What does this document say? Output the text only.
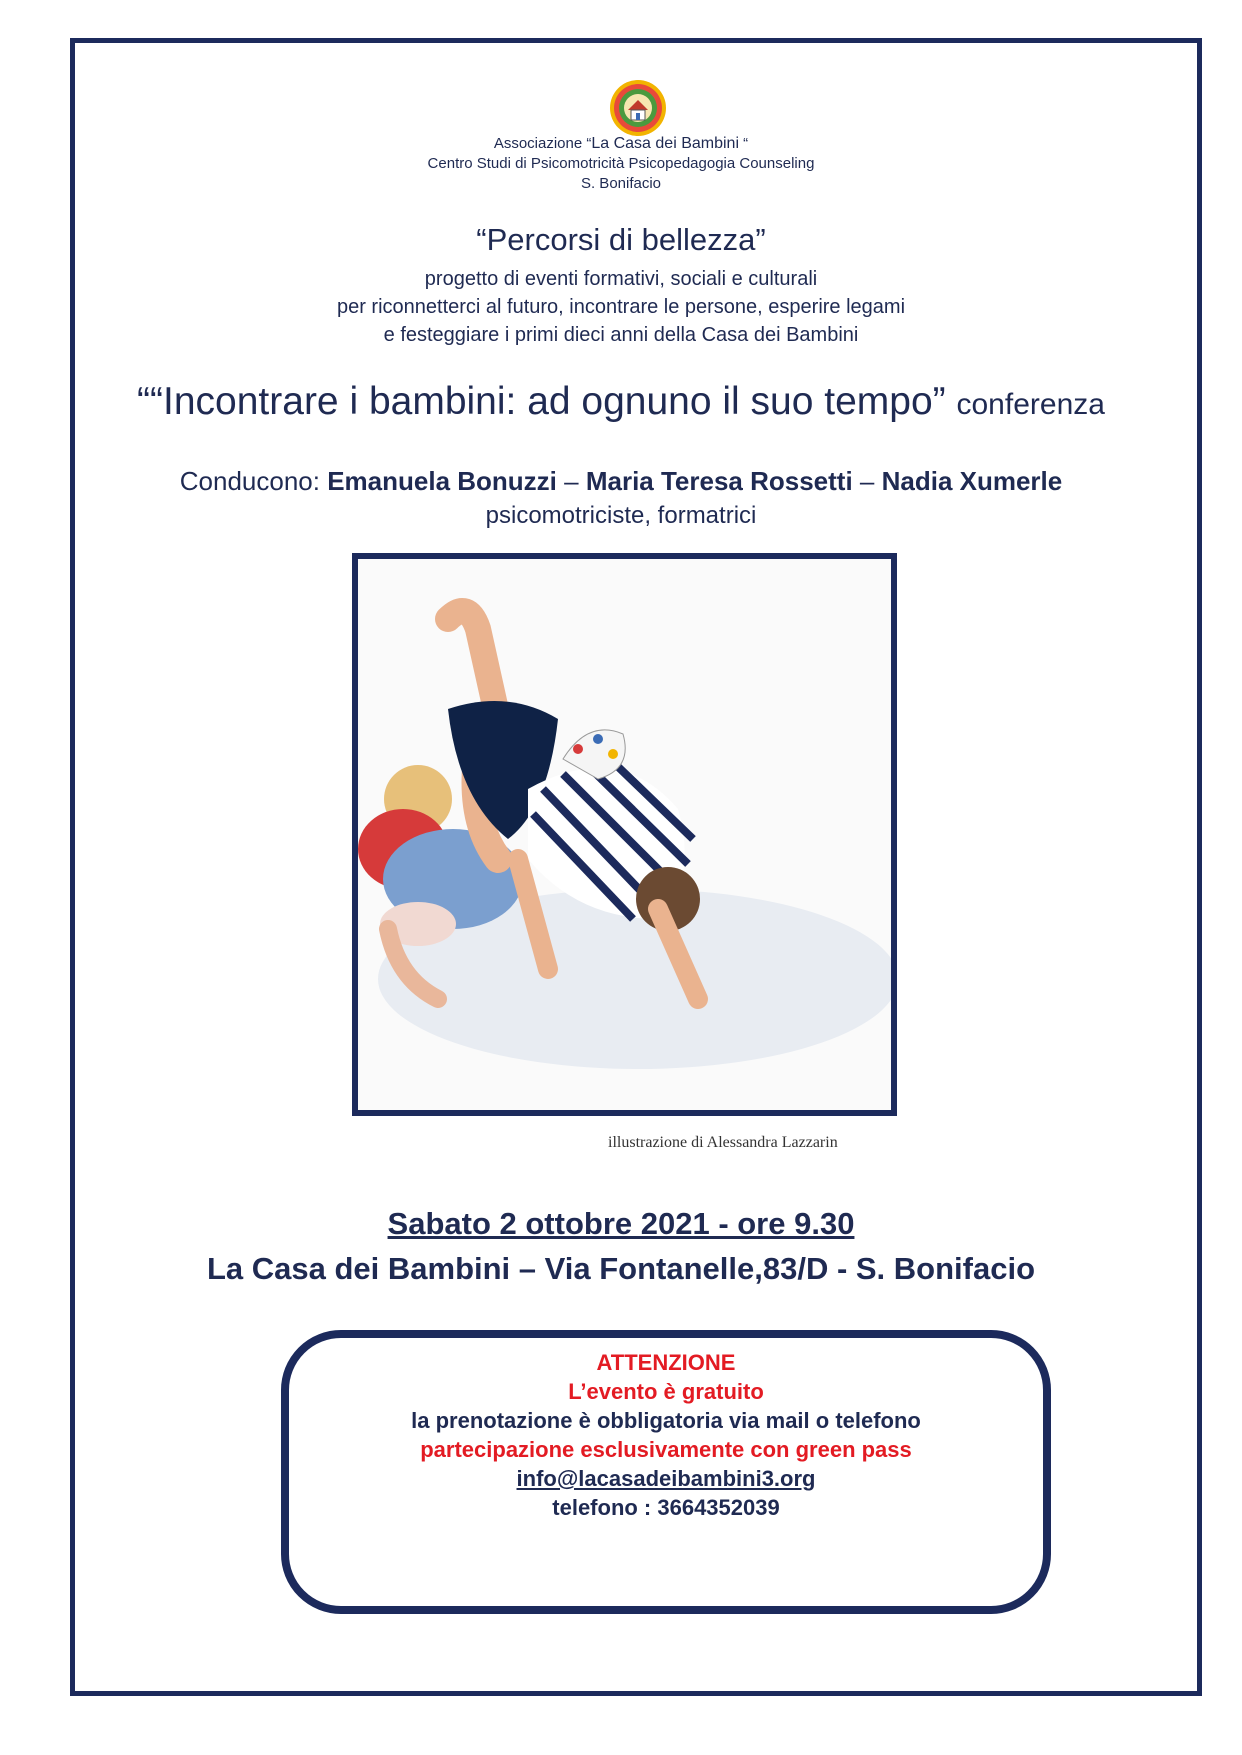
Associazione “La Casa dei Bambini “
Centro Studi di Psicomotricità Psicopedagogia Counseling
S. Bonifacio
“Percorsi di bellezza”
progetto di eventi formativi, sociali e culturali
per riconnetterci al futuro, incontrare le persone, esperire legami
e festeggiare i primi dieci anni della Casa dei Bambini
““Incontrare i bambini: ad ognuno il suo tempo” conferenza
Conducono: Emanuela Bonuzzi – Maria Teresa Rossetti – Nadia Xumerle
psicomotriciste, formatrici
illustrazione di Alessandra Lazzarin
Sabato 2 ottobre 2021 - ore 9.30
La Casa dei Bambini – Via Fontanelle,83/D - S. Bonifacio
ATTENZIONE
L’evento è gratuito
la prenotazione è obbligatoria via mail o telefono
partecipazione esclusivamente con green pass
info@lacasadeibambini3.org
telefono : 3664352039
